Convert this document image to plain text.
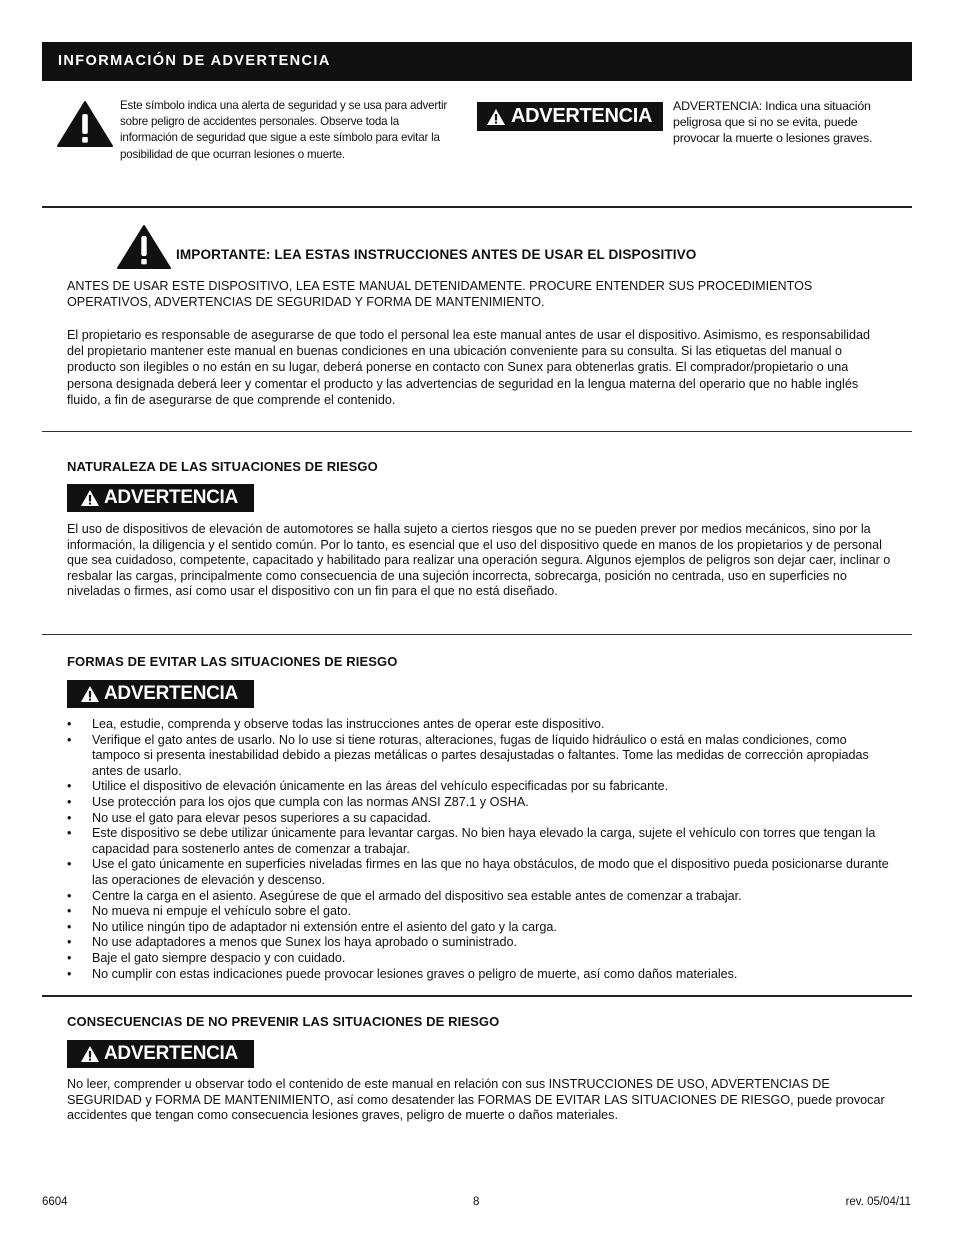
INFORMACIÓN DE ADVERTENCIA
Este símbolo indica una alerta de seguridad y se usa para advertir sobre peligro de accidentes personales. Observe toda la información de seguridad que sigue a este símbolo para evitar la posibilidad de que ocurran lesiones o muerte.
ADVERTENCIA ADVERTENCIA: Indica una situación peligrosa que si no se evita, puede provocar la muerte o lesiones graves.
IMPORTANTE: LEA ESTAS INSTRUCCIONES ANTES DE USAR EL DISPOSITIVO
ANTES DE USAR ESTE DISPOSITIVO, LEA ESTE MANUAL DETENIDAMENTE. PROCURE ENTENDER SUS PROCEDIMIENTOS OPERATIVOS, ADVERTENCIAS DE SEGURIDAD Y FORMA DE MANTENIMIENTO.
El propietario es responsable de asegurarse de que todo el personal lea este manual antes de usar el dispositivo. Asimismo, es responsabilidad del propietario mantener este manual en buenas condiciones en una ubicación conveniente para su consulta. Si las etiquetas del manual o producto son ilegibles o no están en su lugar, deberá ponerse en contacto con Sunex para obtenerlas gratis. El comprador/propietario o una persona designada deberá leer y comentar el producto y las advertencias de seguridad en la lengua materna del operario que no hable inglés fluido, a fin de asegurarse de que comprende el contenido.
NATURALEZA DE LAS SITUACIONES DE RIESGO
ADVERTENCIA
El uso de dispositivos de elevación de automotores se halla sujeto a ciertos riesgos que no se pueden prever por medios mecánicos, sino por la información, la diligencia y el sentido común. Por lo tanto, es esencial que el uso del dispositivo quede en manos de los propietarios y de personal que sea cuidadoso, competente, capacitado y habilitado para realizar una operación segura. Algunos ejemplos de peligros son dejar caer, inclinar o resbalar las cargas, principalmente como consecuencia de una sujeción incorrecta, sobrecarga, posición no centrada, uso en superficies no niveladas o firmes, así como usar el dispositivo con un fin para el que no está diseñado.
FORMAS DE EVITAR LAS SITUACIONES DE RIESGO
ADVERTENCIA
• Lea, estudie, comprenda y observe todas las instrucciones antes de operar este dispositivo.
• Verifique el gato antes de usarlo. No lo use si tiene roturas, alteraciones, fugas de líquido hidráulico o está en malas condiciones, como tampoco si presenta inestabilidad debido a piezas metálicas o partes desajustadas o faltantes. Tome las medidas de corrección apropiadas antes de usarlo.
• Utilice el dispositivo de elevación únicamente en las áreas del vehículo especificadas por su fabricante.
• Use protección para los ojos que cumpla con las normas ANSI Z87.1 y OSHA.
• No use el gato para elevar pesos superiores a su capacidad.
• Este dispositivo se debe utilizar únicamente para levantar cargas. No bien haya elevado la carga, sujete el vehículo con torres que tengan la capacidad para sostenerlo antes de comenzar a trabajar.
• Use el gato únicamente en superficies niveladas firmes en las que no haya obstáculos, de modo que el dispositivo pueda posicionarse durante las operaciones de elevación y descenso.
• Centre la carga en el asiento. Asegúrese de que el armado del dispositivo sea estable antes de comenzar a trabajar.
• No mueva ni empuje el vehículo sobre el gato.
• No utilice ningún tipo de adaptador ni extensión entre el asiento del gato y la carga.
• No use adaptadores a menos que Sunex los haya aprobado o suministrado.
• Baje el gato siempre despacio y con cuidado.
• No cumplir con estas indicaciones puede provocar lesiones graves o peligro de muerte, así como daños materiales.
CONSECUENCIAS DE NO PREVENIR LAS SITUACIONES DE RIESGO
ADVERTENCIA
No leer, comprender u observar todo el contenido de este manual en relación con sus INSTRUCCIONES DE USO, ADVERTENCIAS DE SEGURIDAD y FORMA DE MANTENIMIENTO, así como desatender las FORMAS DE EVITAR LAS SITUACIONES DE RIESGO, puede provocar accidentes que tengan como consecuencia lesiones graves, peligro de muerte o daños materiales.
6604	8	rev. 05/04/11
